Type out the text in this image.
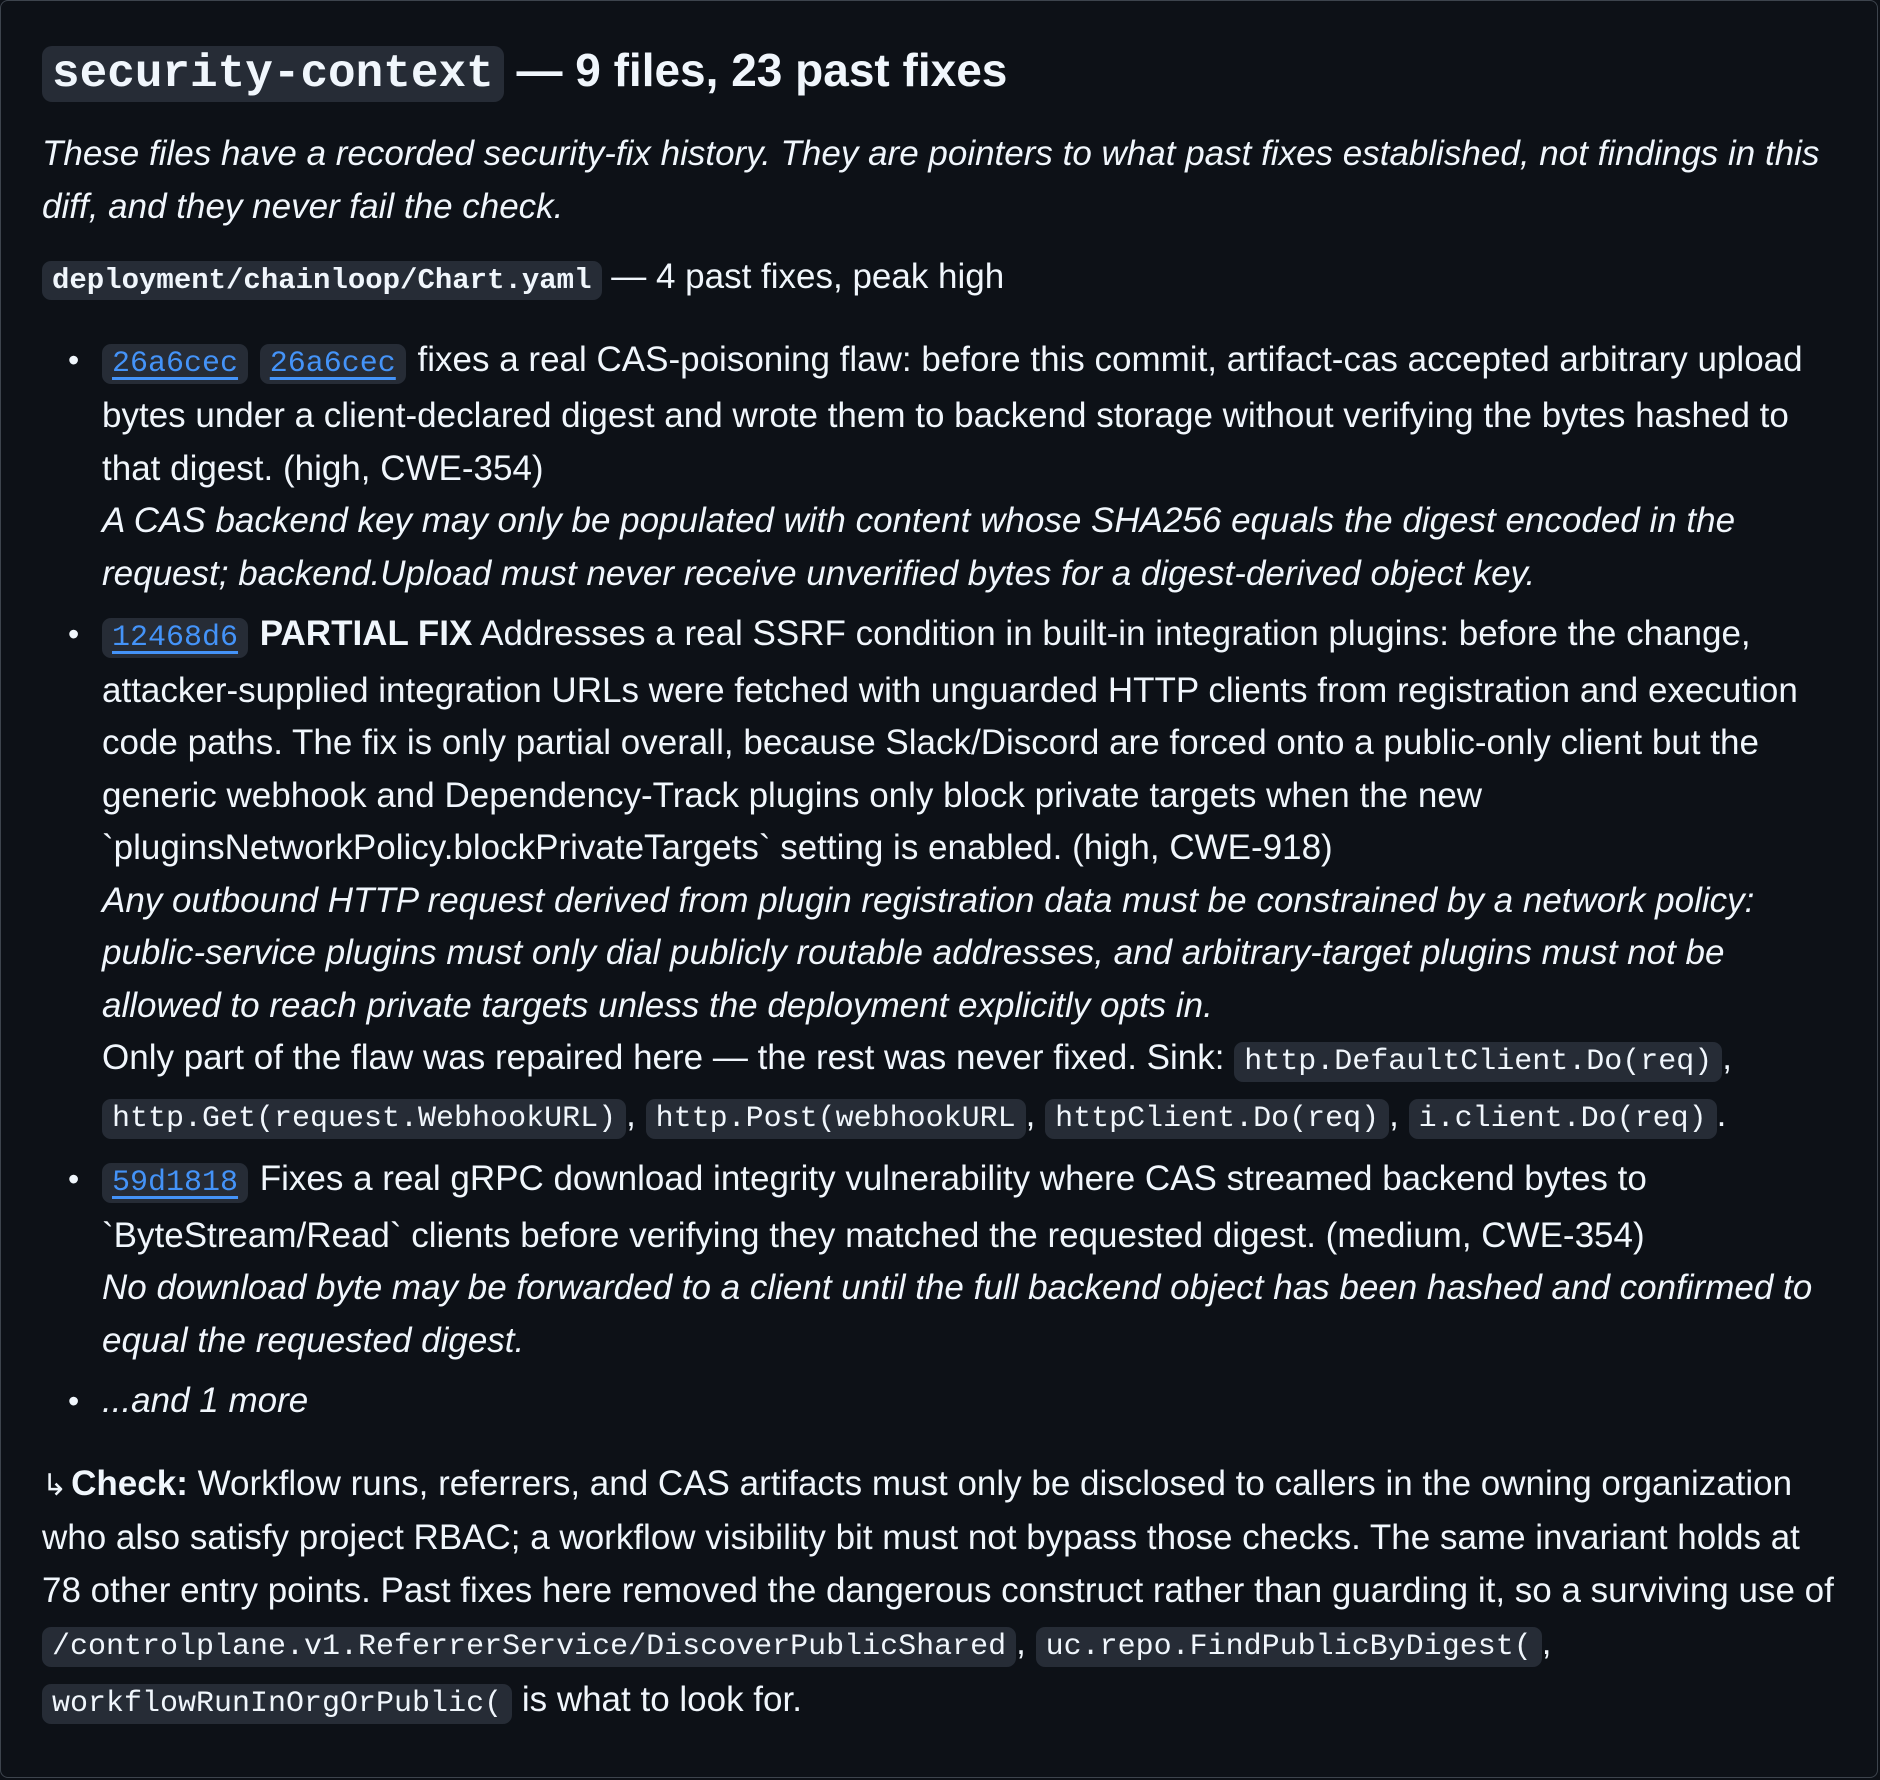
security-context — 9 files, 23 past fixes

These files have a recorded security-fix history. They are pointers to what past fixes established, not findings in this diff, and they never fail the check.

deployment/chainloop/Chart.yaml — 4 past fixes, peak high

• 26a6cec 26a6cec fixes a real CAS-poisoning flaw: before this commit, artifact-cas accepted arbitrary upload bytes under a client-declared digest and wrote them to backend storage without verifying the bytes hashed to that digest. (high, CWE-354)
A CAS backend key may only be populated with content whose SHA256 equals the digest encoded in the request; backend.Upload must never receive unverified bytes for a digest-derived object key.
• 12468d6 PARTIAL FIX Addresses a real SSRF condition in built-in integration plugins: before the change, attacker-supplied integration URLs were fetched with unguarded HTTP clients from registration and execution code paths. The fix is only partial overall, because Slack/Discord are forced onto a public-only client but the generic webhook and Dependency-Track plugins only block private targets when the new `pluginsNetworkPolicy.blockPrivateTargets` setting is enabled. (high, CWE-918)
Any outbound HTTP request derived from plugin registration data must be constrained by a network policy: public-service plugins must only dial publicly routable addresses, and arbitrary-target plugins must not be allowed to reach private targets unless the deployment explicitly opts in.
Only part of the flaw was repaired here — the rest was never fixed. Sink: http.DefaultClient.Do(req) , http.Get(request.WebhookURL) , http.Post(webhookURL , httpClient.Do(req) , i.client.Do(req) .
• 59d1818 Fixes a real gRPC download integrity vulnerability where CAS streamed backend bytes to `ByteStream/Read` clients before verifying they matched the requested digest. (medium, CWE-354)
No download byte may be forwarded to a client until the full backend object has been hashed and confirmed to equal the requested digest.
• ...and 1 more

↳ Check: Workflow runs, referrers, and CAS artifacts must only be disclosed to callers in the owning organization who also satisfy project RBAC; a workflow visibility bit must not bypass those checks. The same invariant holds at 78 other entry points. Past fixes here removed the dangerous construct rather than guarding it, so a surviving use of /controlplane.v1.ReferrerService/DiscoverPublicShared , uc.repo.FindPublicByDigest( , workflowRunInOrgOrPublic( is what to look for.
